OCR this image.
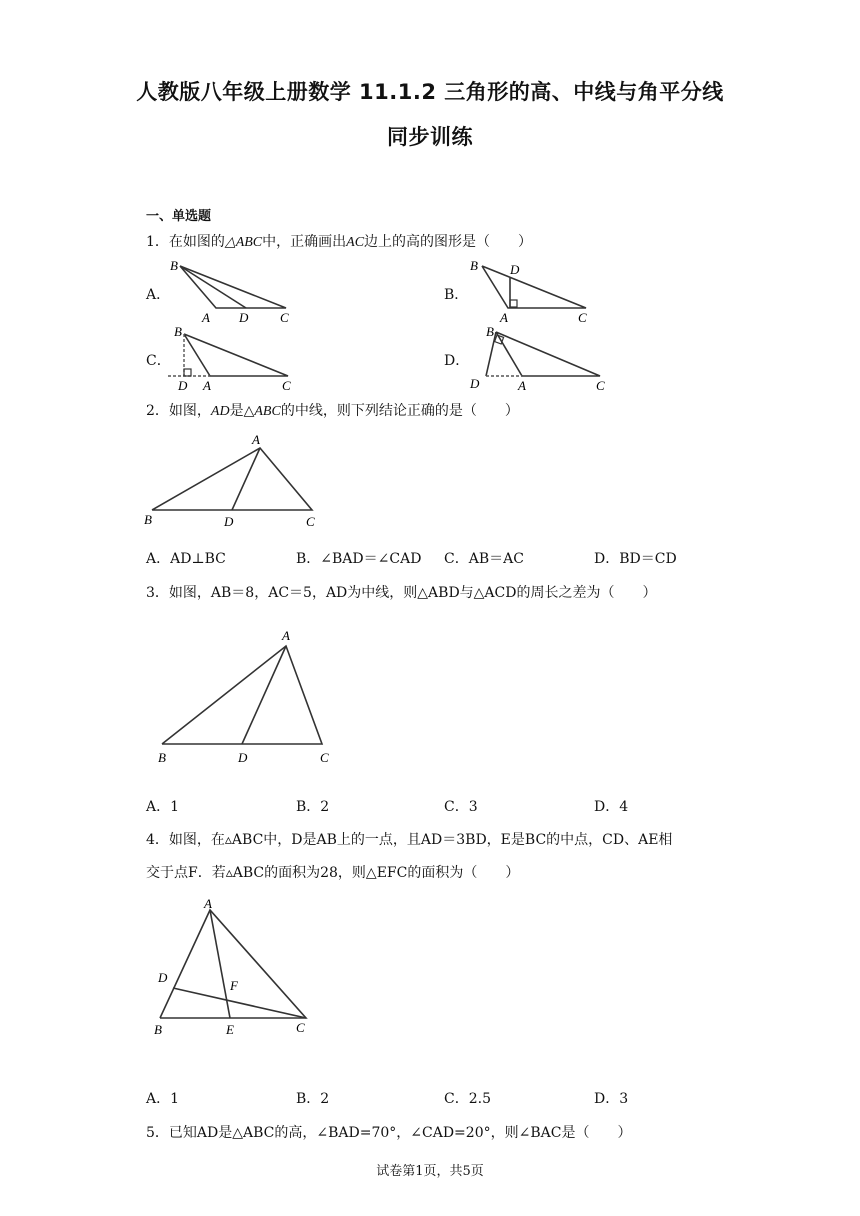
人教版八年级上册数学 11.1.2 三角形的高、中线与角平分线
同步训练
一、单选题
1．在如图的△ABC中，正确画出AC边上的高的图形是（　　）
A．
B
A D C
B．
B D
A	C
C．
B
D A	C
D．
B
D	A	C
2．如图，AD是△ABC的中线，则下列结论正确的是（　　）
A
B	D	C
A．AD⊥BC	B．∠BAD＝∠CAD C．AB＝AC	D．BD＝CD
3．如图，AB＝8，AC＝5，AD为中线，则△ABD与△ACD的周长之差为（　　）
A
B	D	C
A．1	B．2	C．3	D．4
4．如图，在▵ABC中，D是AB上的一点，且AD＝3BD，E是BC的中点，CD、AE相
交于点F．若▵ABC的面积为28，则△EFC的面积为（　　）
A
D
F
B	E	C
A．1	B．2	C．2.5	D．3
5．已知AD是△ABC的高，∠BAD=70°，∠CAD=20°，则∠BAC是（　　）
试卷第1页，共5页
